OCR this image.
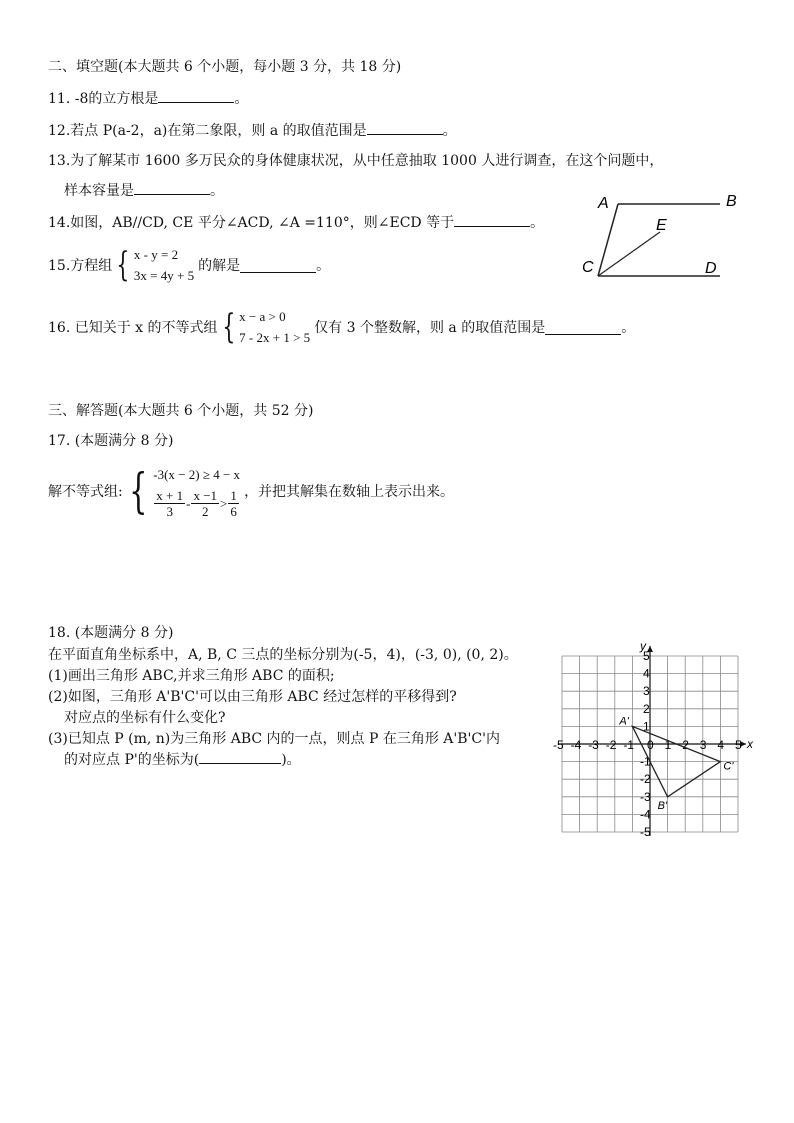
二、填空题(本大题共 6 个小题，每小题 3 分，共 18 分)
11. -8的立方根是	。
12.若点 P(a-2，a)在第二象限，则 a 的取值范围是	。
13.为了解某市 1600 多万民众的身体健康状况，从中任意抽取 1000 人进行调查，在这个问题中，
样本容量是	。
14.如图，AB//CD, CE 平分∠ACD, ∠A =110°，则∠ECD 等于	。
A	B
C	D
E
15.方程组 { x - y = 2
3x = 4y + 5
的解是	。
16. 已知关于 x 的不等式组 { x − a > 0
7 - 2x + 1 > 5
仅有 3 个整数解，则 a 的取值范围是	。
三、解答题(本大题共 6 个小题，共 52 分)
17. (本题满分 8 分)
解不等式组: { -3(x − 2) ≥ 4 − x
$\frac{x + 1}{3} - \frac{x -1}{2} > \frac{1}{6}$ ，并把其解集在数轴上表示出来。
18. (本题满分 8 分)
在平面直角坐标系中，A, B, C 三点的坐标分别为(-5，4)，(-3, 0), (0, 2)。
(1)画出三角形 ABC,并求三角形 ABC 的面积;
(2)如图，三角形 A'B'C'可以由三角形 ABC 经过怎样的平移得到?
对应点的坐标有什么变化?
(3)已知点 P (m, n)为三角形 ABC 内的一点，则点 P 在三角形 A'B'C'内
的对应点 P'的坐标为(	)。
-5 -4 -3 -2 -1 0 1 2 3 4 5
5
4
3
2
1
-1
-2
-3
-4
-5
x
y
A'
B'
C'
